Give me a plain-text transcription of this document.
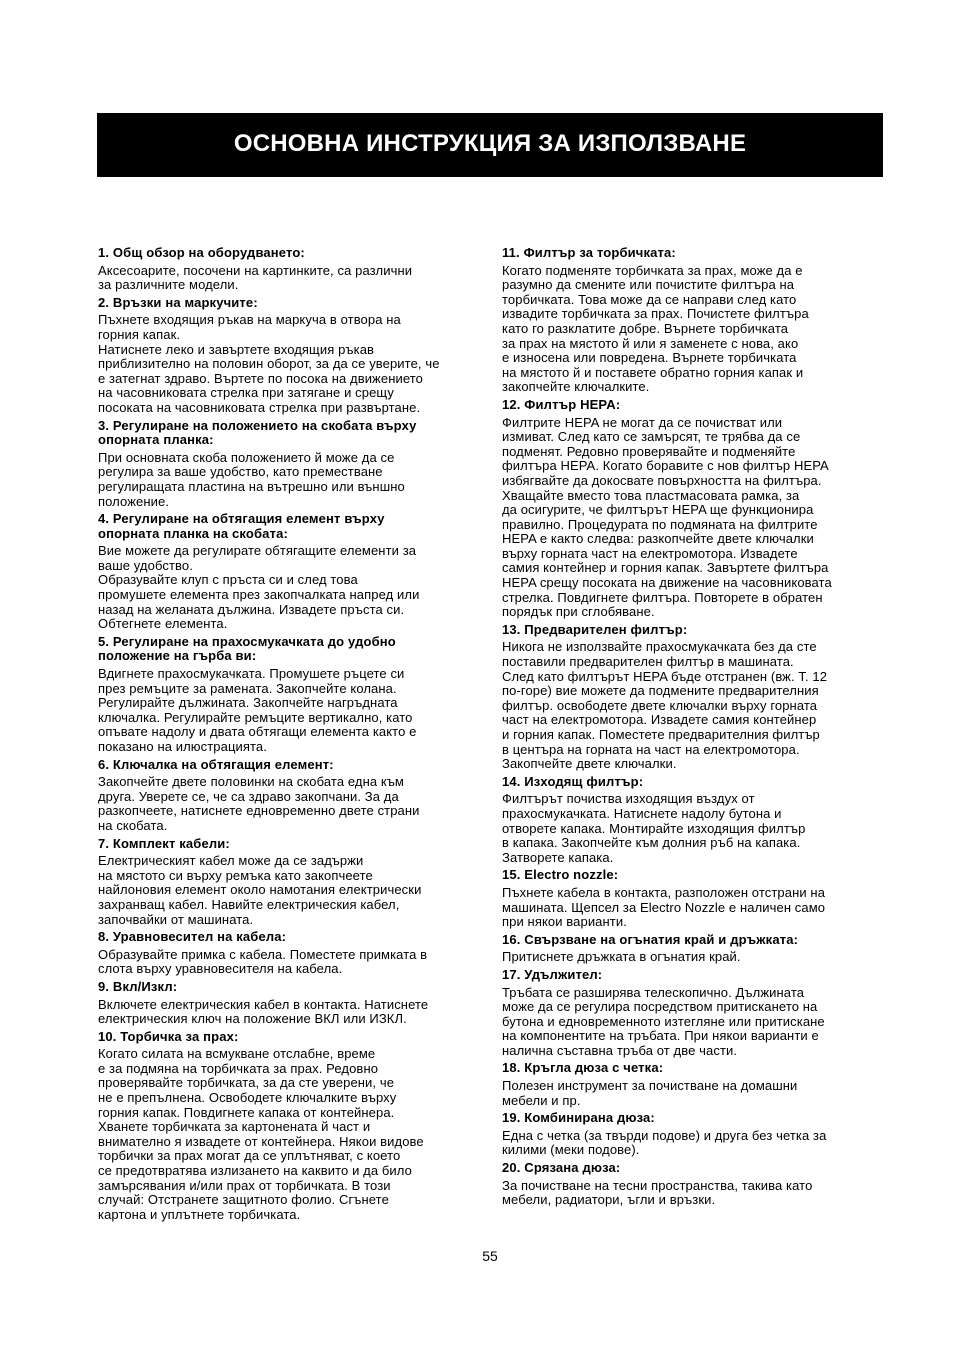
ОСНОВНА ИНСТРУКЦИЯ ЗА ИЗПОЛЗВАНЕ
1. Общ обзор на оборудването:
Аксесоарите, посочени на картинките, са различни
за различните модели.
2. Връзки на маркучите:
Пъхнете входящия ръкав на маркуча в отвора на
горния капак.
Натиснете леко и завъртете входящия ръкав
приблизително на половин оборот, за да се уверите, че
е затегнат здраво. Въртете по посока на движението
на часовниковата стрелка при затягане и срещу
посоката на часовниковата стрелка при развъртане.
3. Регулиране на положението на скобата върху
опорната планка:
При основната скоба положението й може да се
регулира за ваше удобство, като преместване
регулиращата пластина на вътрешно или външно
положение.
4. Регулиране на обтягащия елемент върху
опорната планка на скобата:
Вие можете да регулирате обтягащите елементи за
ваше удобство.
Образувайте клуп с пръста си и след това
промушете елемента през закопчалката напред или
назад на желаната дължина. Извадете пръста си.
Обтегнете елемента.
5. Регулиране на прахосмукачката до удобно
положение на гърба ви:
Вдигнете прахосмукачката. Промушете ръцете си
през ремъците за рамената. Закопчейте колана.
Регулирайте дължината. Закопчейте нагръдната
ключалка. Регулирайте ремъците вертикално, като
опъвате надолу и двата обтягащи елемента както е
показано на илюстрацията.
6. Ключалка на обтягащия елемент:
Закопчейте двете половинки на скобата една към
друга. Уверете се, че са здраво закопчани. За да
разкопчеете, натиснете едновременно двете страни
на скобата.
7. Комплект кабели:
Електрическият кабел може да се задържи
на мястото си върху ремъка като закопчеете
найлоновия елемент около намотания електрически
захранващ кабел. Навийте електрическия кабел,
започвайки от машината.
8. Уравновесител на кабела:
Образувайте примка с кабела. Поместете примката в
слота върху уравновесителя на кабела.
9. Вкл/Изкл:
Включете електрическия кабел в контакта. Натиснете
електрическия ключ на положение ВКЛ или ИЗКЛ.
10. Торбичка за прах:
Когато силата на всмукване отслабне, време
е за подмяна на торбичката за прах. Редовно
проверявайте торбичката, за да сте уверени, че
не е препълнена. Освободете ключалките върху
горния капак. Повдигнете капака от контейнера.
Хванете торбичката за картонената й част и
внимателно я извадете от контейнера. Някои видове
торбички за прах могат да се уплътняват, с което
се предотвратява излизането на каквито и да било
замърсявания и/или прах от торбичката. В този
случай: Отстранете защитното фолио. Сгънете
картона и уплътнете торбичката.
11. Филтър за торбичката:
Когато подменяте торбичката за прах, може да е
разумно да смените или почистите филтъра на
торбичката. Това може да се направи след като
извадите торбичката за прах. Почистете филтъра
като го разклатите добре. Върнете торбичката
за прах на мястото й или я заменете с нова, ако
е износена или повредена. Върнете торбичката
на мястото й и поставете обратно горния капак и
закопчейте ключалките.
12. Филтър HEPA:
Филтрите HEPA не могат да се почистват или
измиват. След като се замърсят, те трябва да се
подменят. Редовно проверявайте и подменяйте
филтъра HEPA. Когато боравите с нов филтър HEPA
избягвайте да докосвате повърхността на филтъра.
Хващайте вместо това пластмасовата рамка, за
да осигурите, че филтърът HEPA ще функционира
правилно. Процедурата по подмяната на филтрите
HEPA е както следва: разкопчейте двете ключалки
върху горната част на електромотора. Извадете
самия контейнер и горния капак. Завъртете филтъра
HEPA срещу посоката на движение на часовниковата
стрелка. Повдигнете филтъра. Повторете в обратен
порядък при сглобяване.
13. Предварителен филтър:
Никога не използвайте прахосмукачката без да сте
поставили предварителен филтър в машината.
След като филтърът HEPA бъде отстранен (вж. Т. 12
по-горе) вие можете да подмените предварителния
филтър. освободете двете ключалки върху горната
част на електромотора. Извадете самия контейнер
и горния капак. Поместете предварителния филтър
в центъра на горната на част на електромотора.
Закопчейте двете ключалки.
14. Изходящ филтър:
Филтърът почиства изходящия въздух от
прахосмукачката. Натиснете надолу бутона и
отворете капака. Монтирайте изходящия филтър
в капака. Закопчейте към долния ръб на капака.
Затворете капака.
15. Electro nozzle:
Пъхнете кабела в контакта, разположен отстрани на
машината. Щепсел за Electro Nozzle е наличен само
при някои варианти.
16. Свързване на огънатия край и дръжката:
Притиснете дръжката в огънатия край.
17. Удължител:
Тръбата се разширява телескопично. Дължината
може да се регулира посредством притискането на
бутона и едновременното изтегляне или притискане
на компонентите на тръбата. При някои варианти е
налична съставна тръба от две части.
18. Кръгла дюза с четка:
Полезен инструмент за почистване на домашни
мебели и пр.
19. Комбинирана дюза:
Една с четка (за твърди подове) и друга без четка за
килими (меки подове).
20. Срязана дюза:
За почистване на тесни пространства, такива като
мебели, радиатори, ъгли и връзки.
55
